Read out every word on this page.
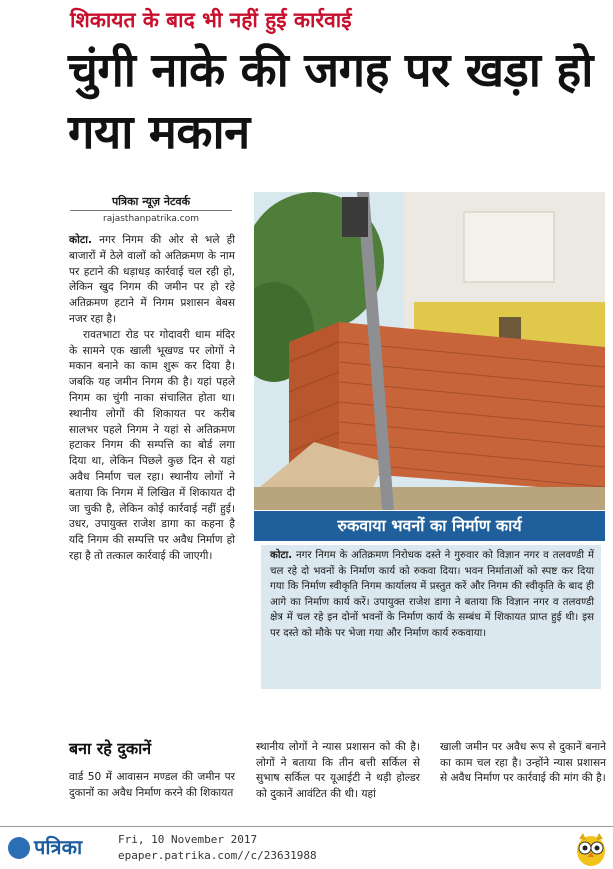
शिकायत के बाद भी नहीं हुई कार्रवाई
चुंगी नाके की जगह पर खड़ा हो गया मकान
पत्रिका न्यूज़ नेटवर्क
rajasthanpatrika.com

कोटा. नगर निगम की ओर से भले ही बाजारों में ठेले वालों को अतिक्रमण के नाम पर हटाने की धड़ाधड़ कार्रवाई चल रही हो, लेकिन खुद निगम की जमीन पर हो रहे अतिक्रमण हटाने में निगम प्रशासन बेबस नजर रहा है।

रावतभाटा रोड पर गोदावरी धाम मंदिर के सामने एक खाली भूखण्ड पर लोगों ने मकान बनाने का काम शुरू कर दिया है। जबकि यह जमीन निगम की है। यहां पहले निगम का चुंगी नाका संचालित होता था। स्थानीय लोगों की शिकायत पर करीब सालभर पहले निगम ने यहां से अतिक्रमण हटाकर निगम की सम्पत्ति का बोर्ड लगा दिया था, लेकिन पिछले कुछ दिन से यहां अवैध निर्माण चल रहा। स्थानीय लोगों ने बताया कि निगम में लिखित में शिकायत दी जा चुकी है, लेकिन कोई कार्रवाई नहीं हुई। उधर, उपायुक्त राजेश डागा का कहना है यदि निगम की सम्पत्ति पर अवैध निर्माण हो रहा है तो तत्काल कार्रवाई की जाएगी।

बना रहे दुकानें
वार्ड 50 में आवासन मण्डल की जमीन पर दुकानों का अवैध निर्माण करने की शिकायत
स्थानीय लोगों ने न्यास प्रशासन को की है। लोगों ने बताया कि तीन बत्ती सर्किल से सुभाष सर्किल पर यूआईटी ने थड़ी होल्डर को दुकानें आवंटित की थी। यहां
खाली जमीन पर अवैध रूप से दुकानें बनाने का काम चल रहा है। उन्होंने न्यास प्रशासन से अवैध निर्माण पर कार्रवाई की मांग की है।
रुकवाया भवनों का निर्माण कार्य
कोटा. नगर निगम के अतिक्रमण निरोधक दस्ते ने गुरुवार को विज्ञान नगर व तलवण्डी में चल रहे दो भवनों के निर्माण कार्य को रुकवा दिया। भवन निर्माताओं को स्पष्ट कर दिया गया कि निर्माण स्वीकृति निगम कार्यालय में प्रस्तुत करें और निगम की स्वीकृति के बाद ही आगे का निर्माण कार्य करें। उपायुक्त राजेश डागा ने बताया कि विज्ञान नगर व तलवण्डी क्षेत्र में चल रहे इन दोनों भवनों के निर्माण कार्य के सम्बंध में शिकायत प्राप्त हुई थी। इस पर दस्ते को मौके पर भेजा गया और निर्माण कार्य रुकवाया।
पत्रिका	Fri, 10 November 2017
epaper.patrika.com//c/23631988
